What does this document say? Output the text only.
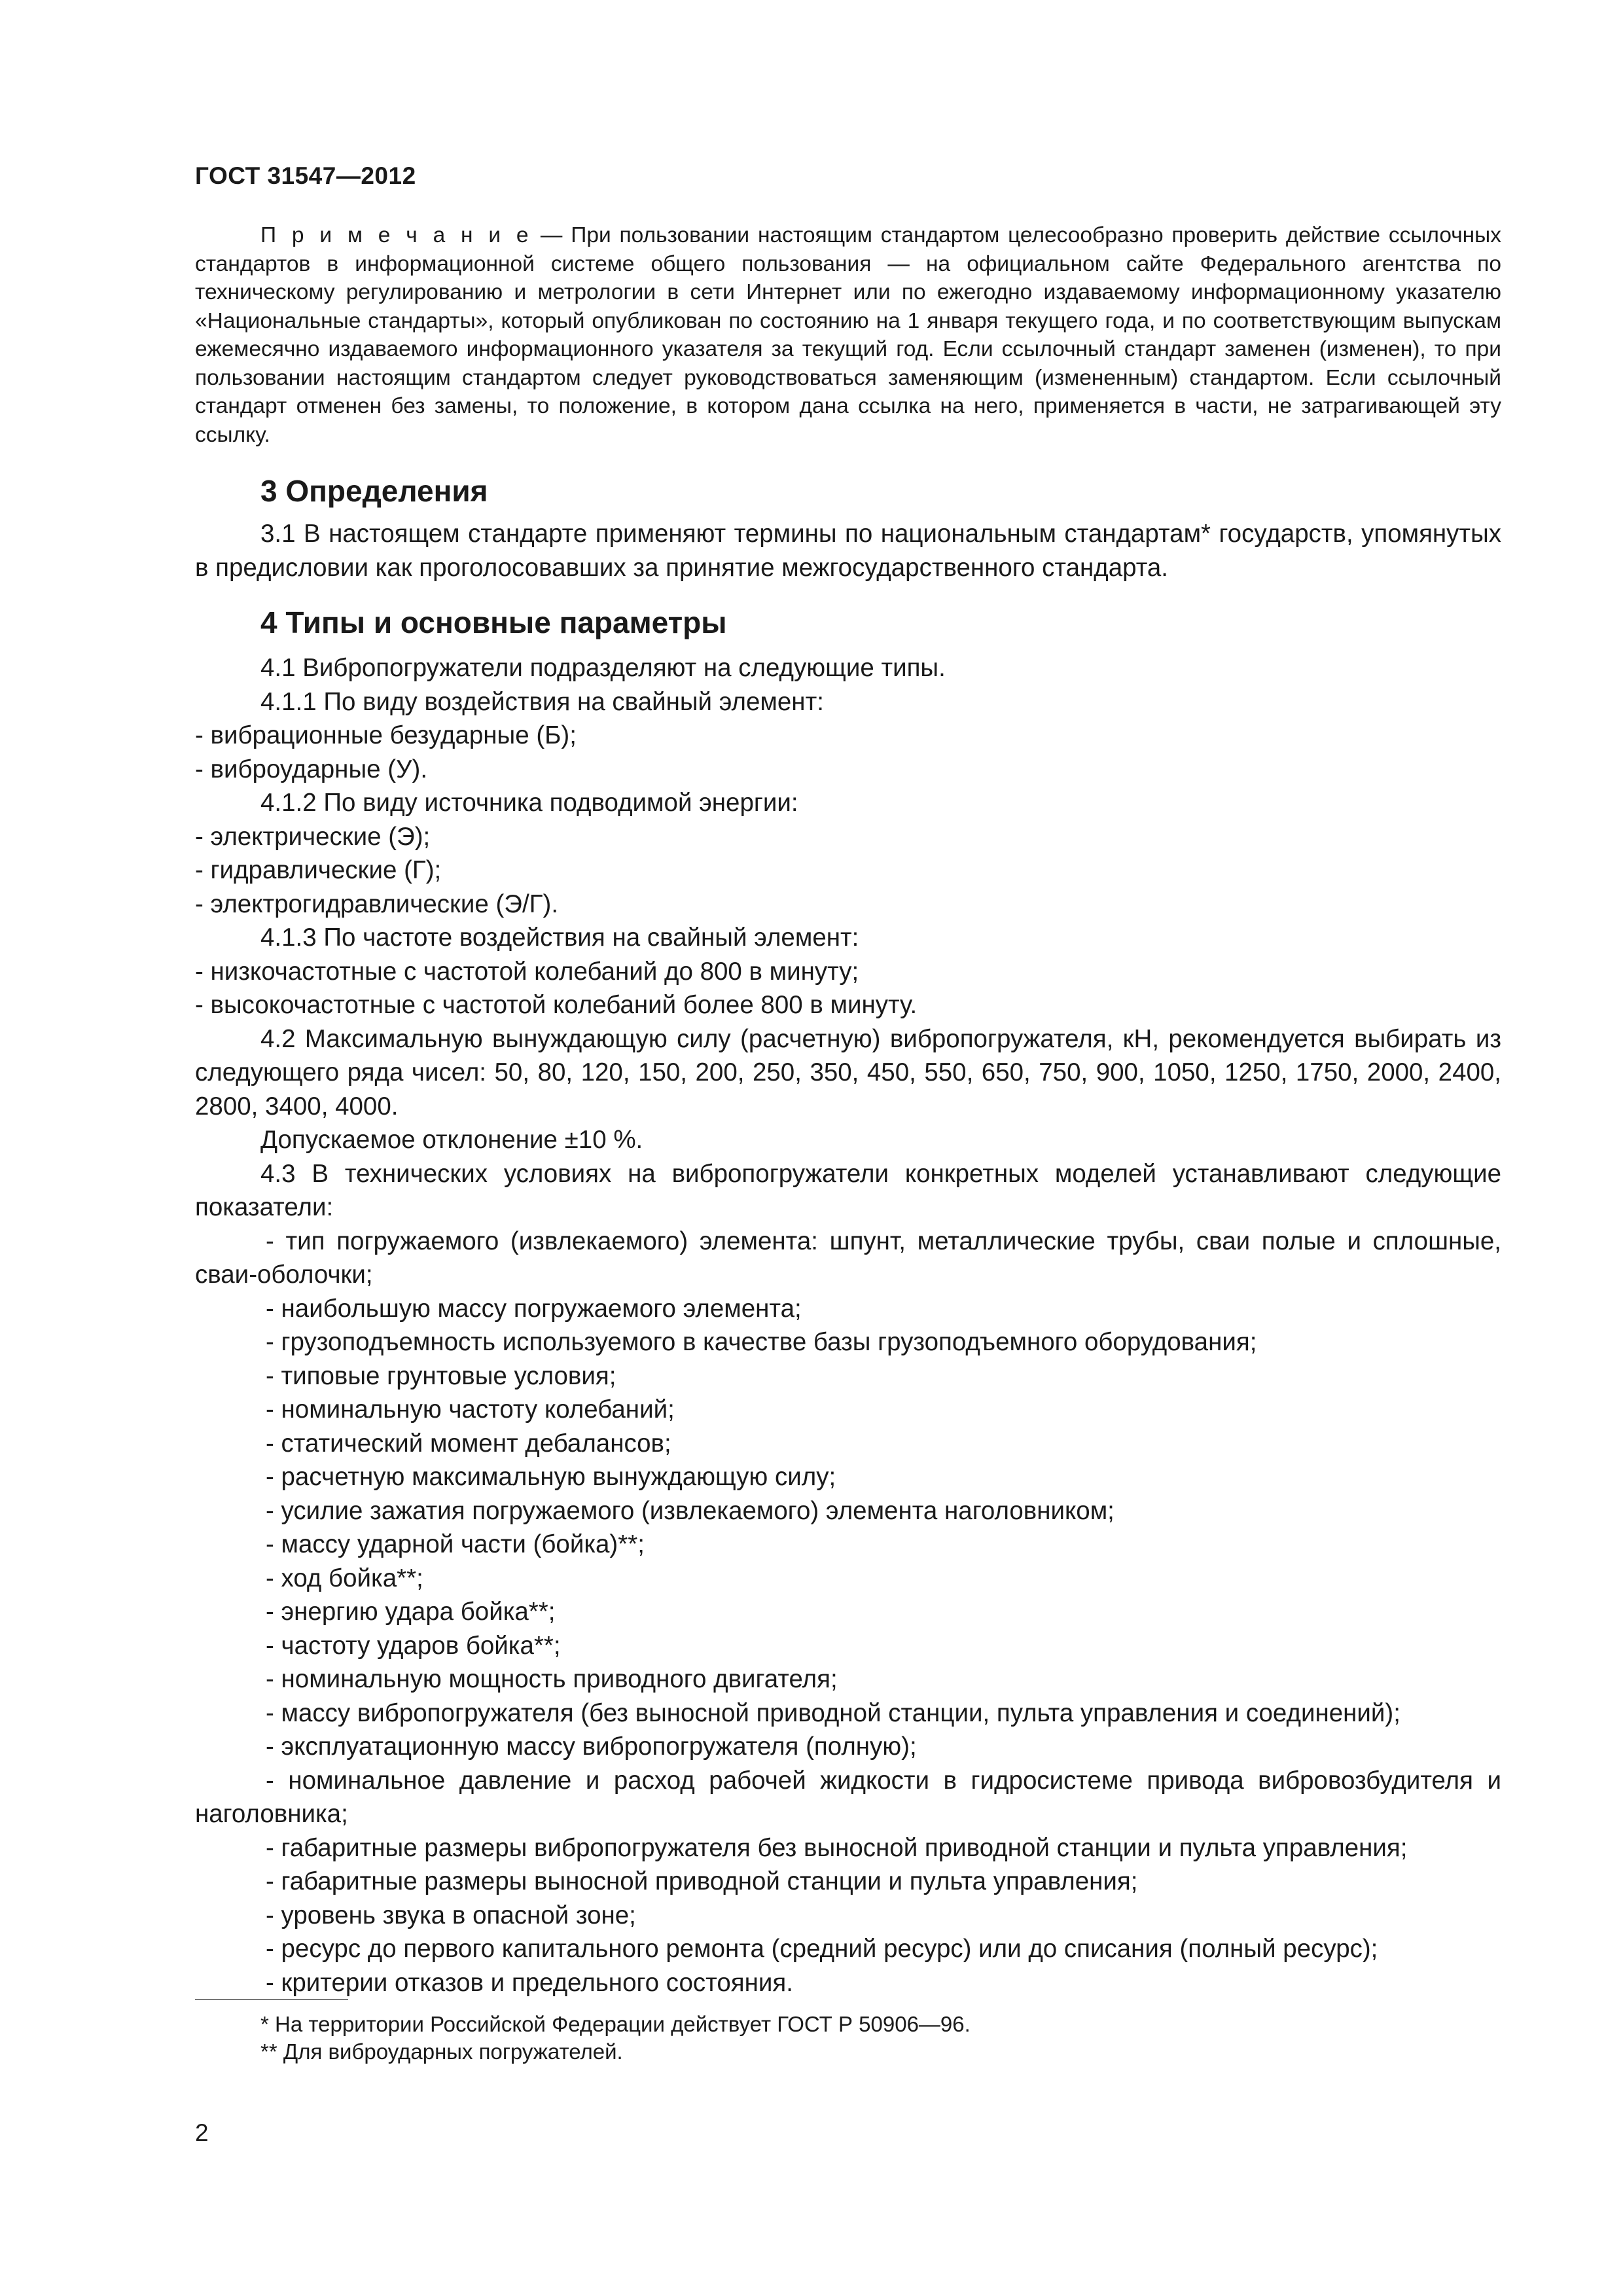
ГОСТ 31547—2012

П р и м е ч а н и е — При пользовании настоящим стандартом целесообразно проверить действие ссылочных стандартов в информационной системе общего пользования — на официальном сайте Федерального агентства по техническому регулированию и метрологии в сети Интернет или по ежегодно издаваемому информационному указателю «Национальные стандарты», который опубликован по состоянию на 1 января текущего года, и по соответствующим выпускам ежемесячно издаваемого информационного указателя за текущий год. Если ссылочный стандарт заменен (изменен), то при пользовании настоящим стандартом следует руководствоваться заменяющим (измененным) стандартом. Если ссылочный стандарт отменен без замены, то положение, в котором дана ссылка на него, применяется в части, не затрагивающей эту ссылку.

3 Определения

3.1 В настоящем стандарте применяют термины по национальным стандартам* государств, упомянутых в предисловии как проголосовавших за принятие межгосударственного стандарта.

4 Типы и основные параметры

4.1 Вибропогружатели подразделяют на следующие типы.

4.1.1 По виду воздействия на свайный элемент:

- вибрационные безударные (Б);

- виброударные (У).

4.1.2 По виду источника подводимой энергии:

- электрические (Э);

- гидравлические (Г);

- электрогидравлические (Э/Г).

4.1.3 По частоте воздействия на свайный элемент:

- низкочастотные с частотой колебаний до 800 в минуту;

- высокочастотные с частотой колебаний более 800 в минуту.

4.2 Максимальную вынуждающую силу (расчетную) вибропогружателя, кН, рекомендуется выбирать из следующего ряда чисел: 50, 80, 120, 150, 200, 250, 350, 450, 550, 650, 750, 900, 1050, 1250, 1750, 2000, 2400, 2800, 3400, 4000.

Допускаемое отклонение ±10 %.

4.3 В технических условиях на вибропогружатели конкретных моделей устанавливают следующие показатели:

- тип погружаемого (извлекаемого) элемента: шпунт, металлические трубы, сваи полые и сплошные, сваи-оболочки;

- наибольшую массу погружаемого элемента;

- грузоподъемность используемого в качестве базы грузоподъемного оборудования;

- типовые грунтовые условия;

- номинальную частоту колебаний;

- статический момент дебалансов;

- расчетную максимальную вынуждающую силу;

- усилие зажатия погружаемого (извлекаемого) элемента наголовником;

- массу ударной части (бойка)**;

- ход бойка**;

- энергию удара бойка**;

- частоту ударов бойка**;

- номинальную мощность приводного двигателя;

- массу вибропогружателя (без выносной приводной станции, пульта управления и соединений);

- эксплуатационную массу вибропогружателя (полную);

- номинальное давление и расход рабочей жидкости в гидросистеме привода вибровозбудителя и наголовника;

- габаритные размеры вибропогружателя без выносной приводной станции и пульта управления;

- габаритные размеры выносной приводной станции и пульта управления;

- уровень звука в опасной зоне;

- ресурс до первого капитального ремонта (средний ресурс) или до списания (полный ресурс);

- критерии отказов и предельного состояния.

* На территории Российской Федерации действует ГОСТ Р 50906—96.

** Для виброударных погружателей.

2
